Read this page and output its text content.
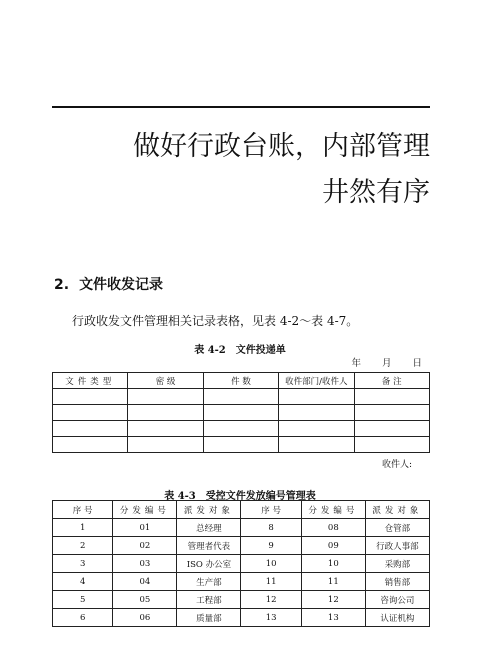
做好行政台账，内部管理
井然有序
2. 文件收发记录
行政收发文件管理相关记录表格，见表 4-2～表 4-7。
表 4-2 文件投递单
年 月 日
文件类型	密 级	件 数	收件部门/收件人	备 注

收件人:
表 4-3 受控文件发放编号管理表
序 号	分发编号	派发对象	序 号	分发编号	派发对象
1	01	总经理	8	08	仓管部
2	02	管理者代表	9	09	行政人事部
3	03	ISO 办公室	10	10	采购部
4	04	生产部	11	11	销售部
5	05	工程部	12	12	咨询公司
6	06	质量部	13	13	认证机构
